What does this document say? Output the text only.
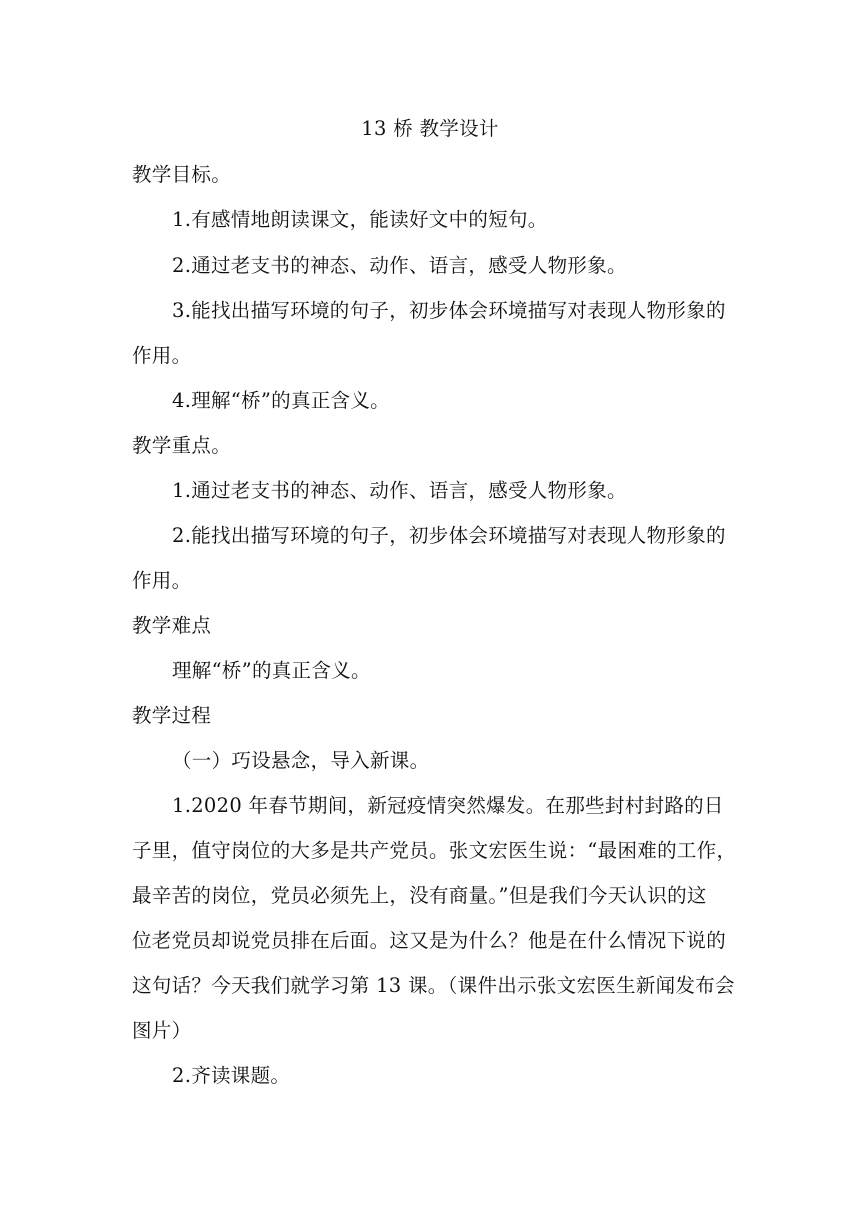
13 桥 教学设计

教学目标。

1.有感情地朗读课文，能读好文中的短句。

2.通过老支书的神态、动作、语言，感受人物形象。

3.能找出描写环境的句子，初步体会环境描写对表现人物形象的

作用。

4.理解“桥”的真正含义。

教学重点。

1.通过老支书的神态、动作、语言，感受人物形象。

2.能找出描写环境的句子，初步体会环境描写对表现人物形象的

作用。

教学难点

理解“桥”的真正含义。

教学过程

（一）巧设悬念，导入新课。

1.2020 年春节期间，新冠疫情突然爆发。在那些封村封路的日

子里，值守岗位的大多是共产党员。张文宏医生说：“最困难的工作，

最辛苦的岗位，党员必须先上，没有商量。”但是我们今天认识的这

位老党员却说党员排在后面。这又是为什么？他是在什么情况下说的

这句话？今天我们就学习第 13 课。（课件出示张文宏医生新闻发布会

图片）

2.齐读课题。
